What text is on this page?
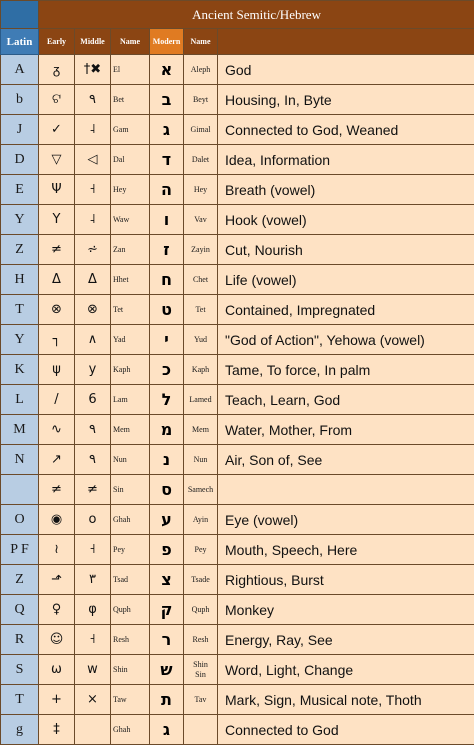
	Ancient Semitic/Hebrew					
Latin	Early	Middle	Name	Modern	Name	
A	ᵹ	†✖	El	א	Aleph	God
b	ଟ	٩	Bet	ב	Beyt	Housing, In, Byte
J	✓	˨	Gam	ג	Gimal	Connected to God, Weaned
D	▽	◁	Dal	ד	Dalet	Idea, Information
E	Ψ	˧	Hey	ה	Hey	Breath (vowel)
Y	Y	˨	Waw	ו	Vav	Hook (vowel)
Z	≠	⩫	Zan	ז	Zayin	Cut, Nourish
H	Δ	Δ	Hhet	ח	Chet	Life (vowel)
T	⊗	⊗	Tet	ט	Tet	Contained, Impregnated
Y	┐	∧	Yad	י	Yud	"God of Action", Yehowa (vowel)
K	ψ	y	Kaph	כ	Kaph	Tame, To force, In palm
L	/	6	Lam	ל	Lamed	Teach, Learn, God
M	∿	٩	Mem	מ	Mem	Water, Mother, From
N	↗	٩	Nun	נ	Nun	Air, Son of, See
	≠	≠	Sin	ס	Samech	
O	◉	o	Ghah	ע	Ayin	Eye (vowel)
P F	≀	˧	Pey	פ	Pey	Mouth, Speech, Here
Z	⬏	٣	Tsad	צ	Tsade	Rightious, Burst
Q	♀	φ	Quph	ק	Quph	Monkey
R	☺	˧	Resh	ר	Resh	Energy, Ray, See
S	ω	w	Shin	ש	Shin Sin	Word, Light, Change
T	+	×	Taw	ת	Tav	Mark, Sign, Musical note, Thoth
g	‡		Ghah	ג		Connected to God
